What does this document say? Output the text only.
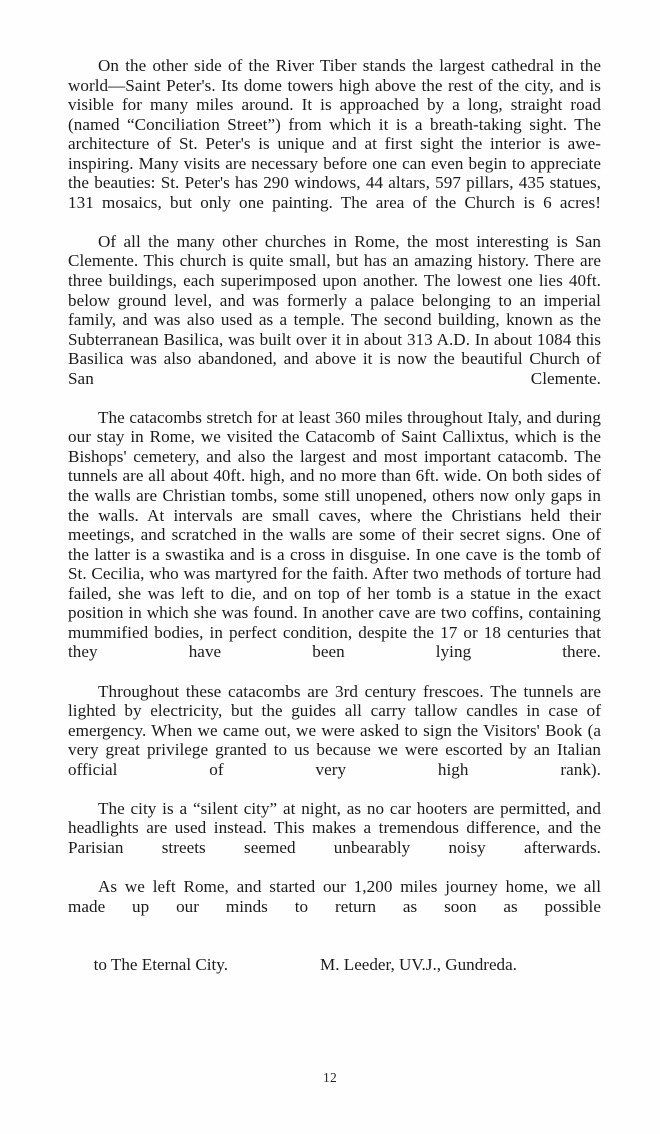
On the other side of the River Tiber stands the largest cathedral in the world—Saint Peter's. Its dome towers high above the rest of the city, and is visible for many miles around. It is approached by a long, straight road (named “Conciliation Street”) from which it is a breath-taking sight. The architecture of St. Peter's is unique and at first sight the interior is awe-inspiring. Many visits are necessary before one can even begin to appreciate the beauties: St. Peter's has 290 windows, 44 altars, 597 pillars, 435 statues, 131 mosaics, but only one painting. The area of the Church is 6 acres!

Of all the many other churches in Rome, the most interesting is San Clemente. This church is quite small, but has an amazing history. There are three buildings, each superimposed upon another. The lowest one lies 40ft. below ground level, and was formerly a palace belonging to an imperial family, and was also used as a temple. The second building, known as the Subterranean Basilica, was built over it in about 313 A.D. In about 1084 this Basilica was also abandoned, and above it is now the beautiful Church of San Clemente.

The catacombs stretch for at least 360 miles throughout Italy, and during our stay in Rome, we visited the Catacomb of Saint Callixtus, which is the Bishops' cemetery, and also the largest and most important catacomb. The tunnels are all about 40ft. high, and no more than 6ft. wide. On both sides of the walls are Christian tombs, some still unopened, others now only gaps in the walls. At intervals are small caves, where the Christians held their meetings, and scratched in the walls are some of their secret signs. One of the latter is a swastika and is a cross in disguise. In one cave is the tomb of St. Cecilia, who was martyred for the faith. After two methods of torture had failed, she was left to die, and on top of her tomb is a statue in the exact position in which she was found. In another cave are two coffins, containing mummified bodies, in perfect condition, despite the 17 or 18 centuries that they have been lying there.

Throughout these catacombs are 3rd century frescoes. The tunnels are lighted by electricity, but the guides all carry tallow candles in case of emergency. When we came out, we were asked to sign the Visitors' Book (a very great privilege granted to us because we were escorted by an Italian official of very high rank).

The city is a “silent city” at night, as no car hooters are permitted, and headlights are used instead. This makes a tremendous difference, and the Parisian streets seemed unbearably noisy afterwards.

As we left Rome, and started our 1,200 miles journey home, we all made up our minds to return as soon as possible

to The Eternal City.	M. Leeder, UV.J., Gundreda.

12
